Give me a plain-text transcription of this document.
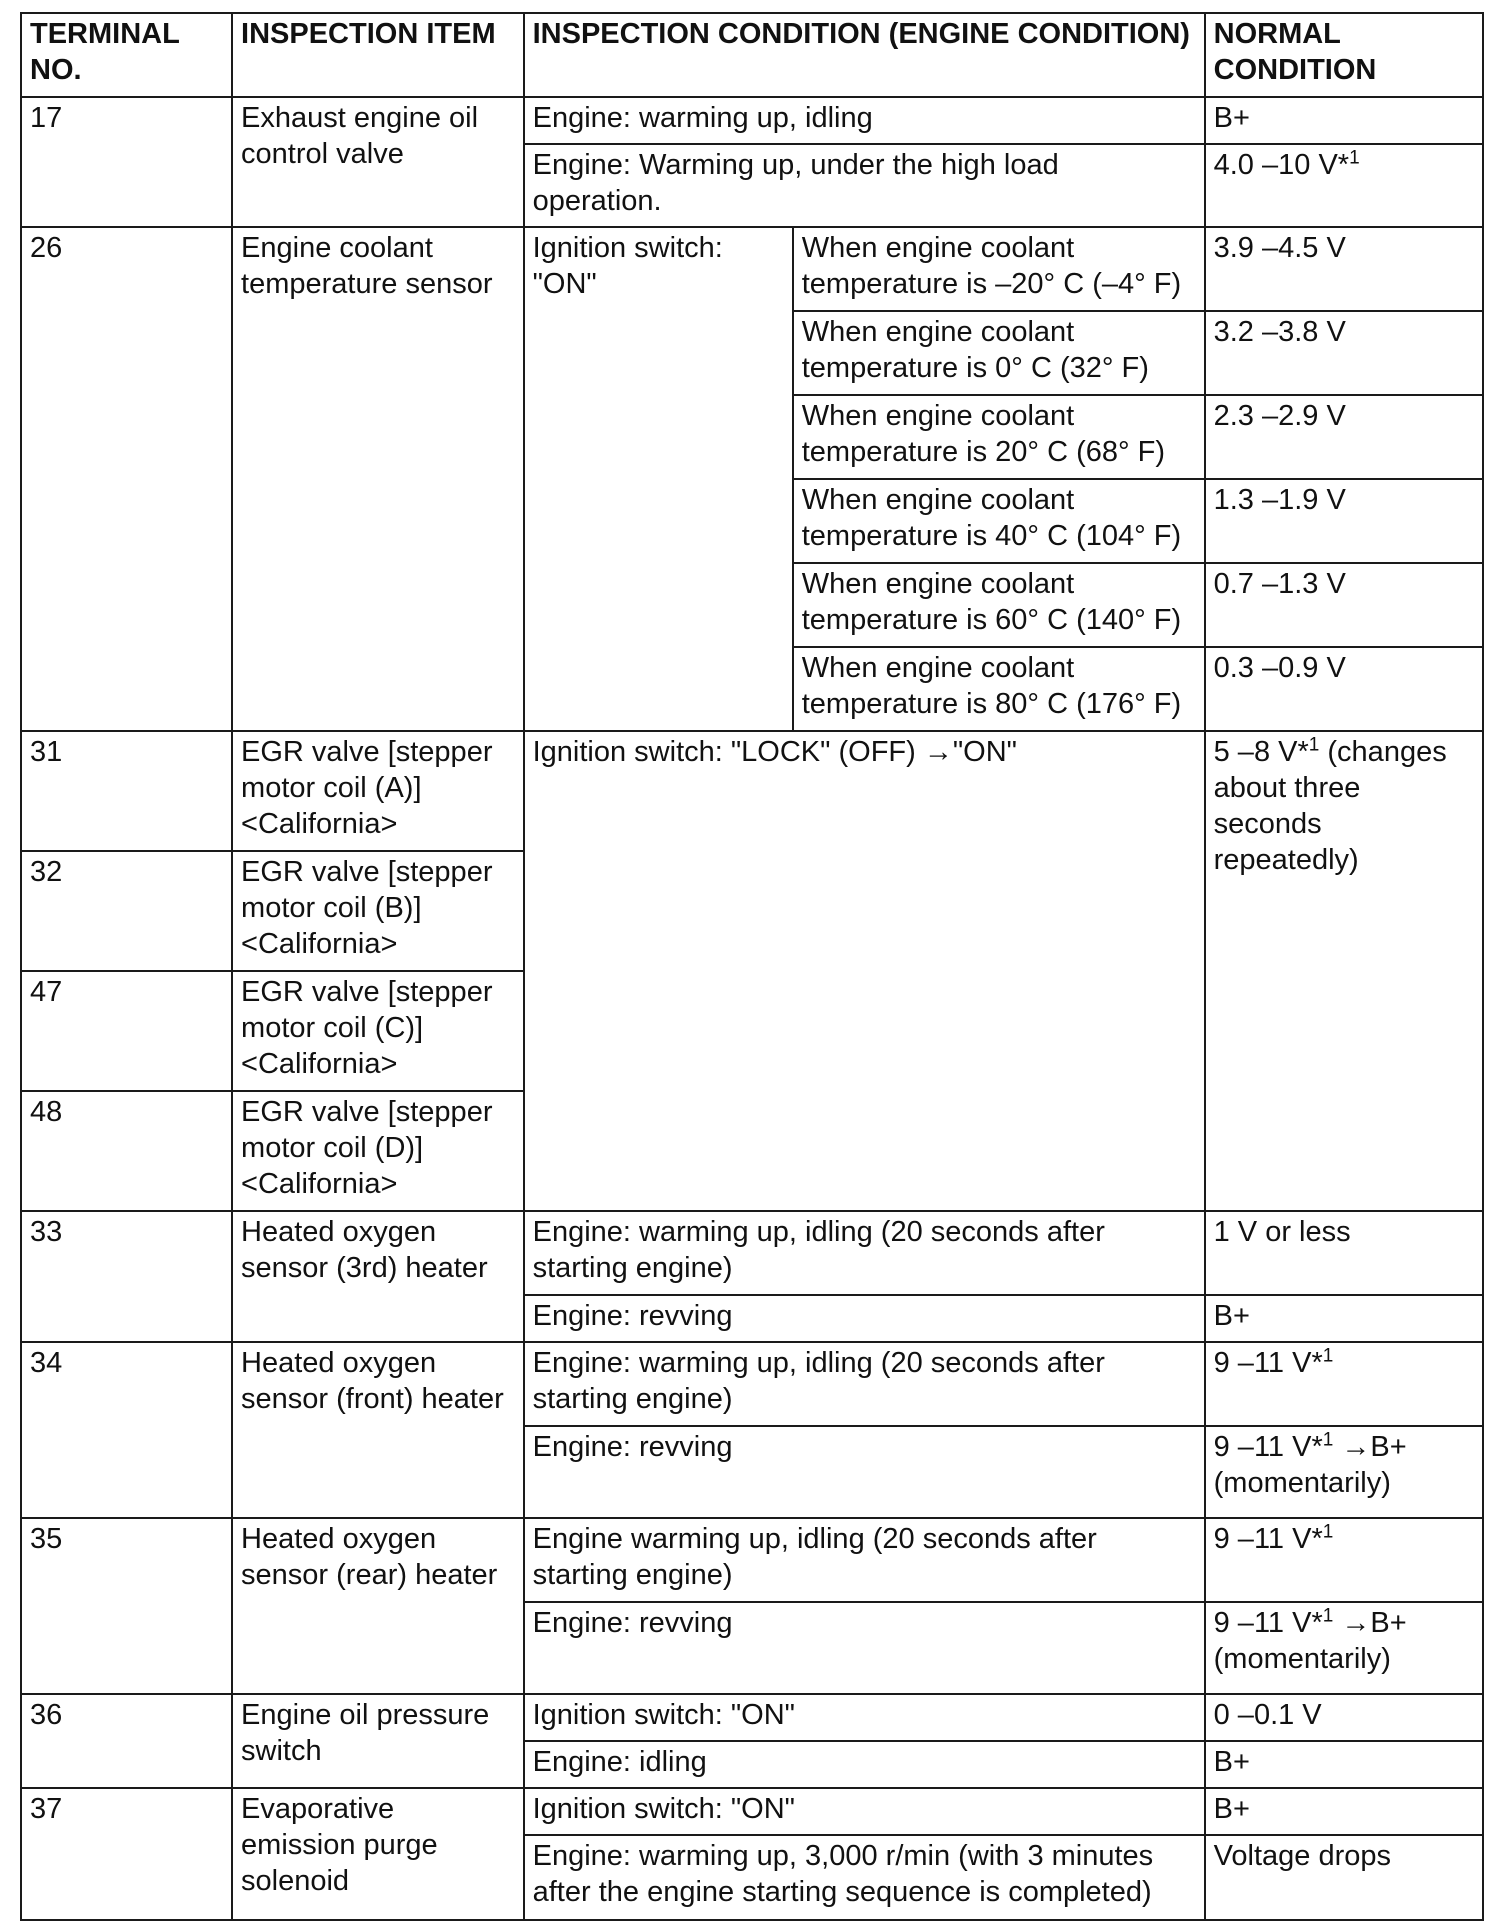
TERMINAL NO.	INSPECTION ITEM	INSPECTION CONDITION (ENGINE CONDITION)		NORMAL CONDITION
17	Exhaust engine oil control valve	Engine: warming up, idling		B+
		Engine: Warming up, under the high load operation.		4.0 –10 V*$^1$
26	Engine coolant temperature sensor	Ignition switch: "ON"	When engine coolant temperature is –20° C (–4° F)	3.9 –4.5 V
			When engine coolant temperature is 0° C (32° F)	3.2 –3.8 V
			When engine coolant temperature is 20° C (68° F)	2.3 –2.9 V
			When engine coolant temperature is 40° C (104° F)	1.3 –1.9 V
			When engine coolant temperature is 60° C (140° F)	0.7 –1.3 V
			When engine coolant temperature is 80° C (176° F)	0.3 –0.9 V
31	EGR valve [stepper motor coil (A)] <California>	Ignition switch: "LOCK" (OFF) →"ON"		5 –8 V*$^1$ (changes about three seconds repeatedly)
32	EGR valve [stepper motor coil (B)] <California>			
47	EGR valve [stepper motor coil (C)] <California>			
48	EGR valve [stepper motor coil (D)] <California>			
33	Heated oxygen sensor (3rd) heater	Engine: warming up, idling (20 seconds after starting engine)		1 V or less
		Engine: revving		B+
34	Heated oxygen sensor (front) heater	Engine: warming up, idling (20 seconds after starting engine)		9 –11 V*$^1$
		Engine: revving		9 –11 V*$^1$ →B+ (momentarily)
35	Heated oxygen sensor (rear) heater	Engine warming up, idling (20 seconds after starting engine)		9 –11 V*$^1$
		Engine: revving		9 –11 V*$^1$ →B+ (momentarily)
36	Engine oil pressure switch	Ignition switch: "ON"		0 –0.1 V
		Engine: idling		B+
37	Evaporative emission purge solenoid	Ignition switch: "ON"		B+
		Engine: warming up, 3,000 r/min (with 3 minutes after the engine starting sequence is completed)		Voltage drops
